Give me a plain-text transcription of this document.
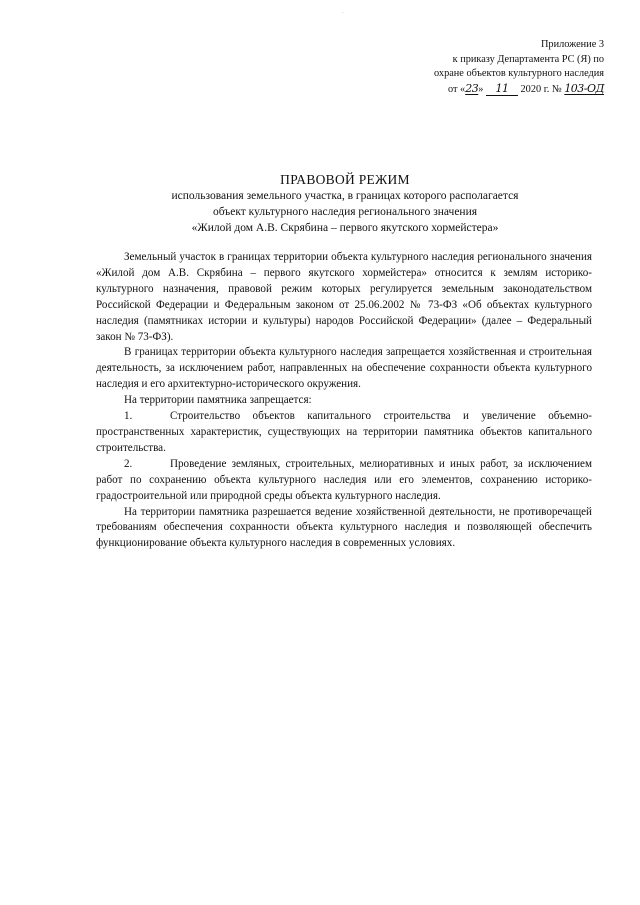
.
Приложение 3
к приказу Департамента РС (Я) по
охране объектов культурного наследия
от «23» 11 2020 г. № 103-ОД
ПРАВОВОЙ РЕЖИМ
использования земельного участка, в границах которого располагается
объект культурного наследия регионального значения
«Жилой дом А.В. Скрябина – первого якутского хормейстера»

Земельный участок в границах территории объекта культурного наследия регионального значения «Жилой дом А.В. Скрябина – первого якутского хормейстера» относится к землям историко-культурного назначения, правовой режим которых регулируется земельным законодательством Российской Федерации и Федеральным законом от 25.06.2002 № 73-ФЗ «Об объектах культурного наследия (памятниках истории и культуры) народов Российской Федерации» (далее – Федеральный закон № 73-ФЗ).

В границах территории объекта культурного наследия запрещается хозяйственная и строительная деятельность, за исключением работ, направленных на обеспечение сохранности объекта культурного наследия и его архитектурно-исторического окружения.

На территории памятника запрещается:

1.	Строительство объектов капитального строительства и увеличение объемно-пространственных характеристик, существующих на территории памятника объектов капитального строительства.

2.	Проведение земляных, строительных, мелиоративных и иных работ, за исключением работ по сохранению объекта культурного наследия или его элементов, сохранению историко-градостроительной или природной среды объекта культурного наследия.

На территории памятника разрешается ведение хозяйственной деятельности, не противоречащей требованиям обеспечения сохранности объекта культурного наследия и позволяющей обеспечить функционирование объекта культурного наследия в современных условиях.
